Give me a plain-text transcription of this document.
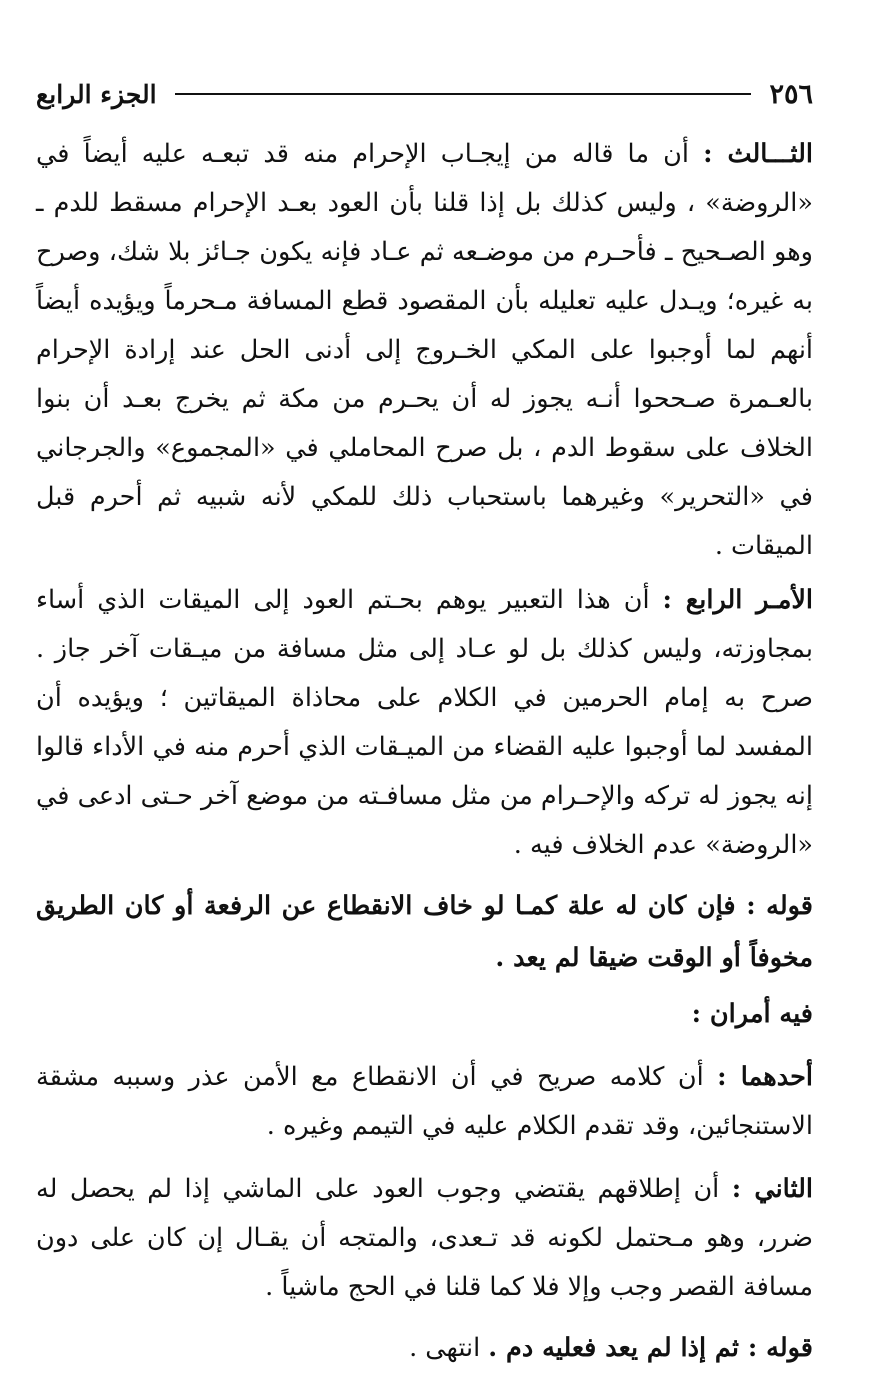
٢٥٦
الجزء الرابع

الثـــالث : أن ما قاله من إيجـاب الإحرام منه قد تبعـه عليه أيضاً في «الروضة» ، وليس كذلك بل إذا قلنا بأن العود بعـد الإحرام مسقط للدم ـ وهو الصـحيح ـ فأحـرم من موضـعه ثم عـاد فإنه يكون جـائز بلا شك، وصرح به غيره؛ ويـدل عليه تعليله بأن المقصود قطع المسافة مـحرماً ويؤيده أيضاً أنهم لما أوجبوا على المكي الخـروج إلى أدنى الحل عند إرادة الإحرام بالعـمرة صـححوا أنـه يجوز له أن يحـرم من مكة ثم يخرج بعـد أن بنوا الخلاف على سقوط الدم ، بل صرح المحاملي في «المجموع» والجرجاني في «التحرير» وغيرهما باستحباب ذلك للمكي لأنه شبيه ثم أحرم قبل الميقات .

الأمـر الرابع : أن هذا التعبير يوهم بحـتم العود إلى الميقات الذي أساء بمجاوزته، وليس كذلك بل لو عـاد إلى مثل مسافة من ميـقات آخر جاز . صرح به إمام الحرمين في الكلام على محاذاة الميقاتين ؛ ويؤيده أن المفسد لما أوجبوا عليه القضاء من الميـقات الذي أحرم منه في الأداء قالوا إنه يجوز له تركه والإحـرام من مثل مسافـته من موضع آخر حـتى ادعى في «الروضة» عدم الخلاف فيه .

قوله : فإن كان له علة كمـا لو خاف الانقطاع عن الرفعة أو كان الطريق مخوفاً أو الوقت ضيقا لم يعد .

فيه أمران :

أحدهما : أن كلامه صريح في أن الانقطاع مع الأمن عذر وسببه مشقة الاستنجائين، وقد تقدم الكلام عليه في التيمم وغيره .

الثاني : أن إطلاقهم يقتضي وجوب العود على الماشي إذا لم يحصل له ضرر، وهو مـحتمل لكونه قد تـعدى، والمتجه أن يقـال إن كان على دون مسافة القصر وجب وإلا فلا كما قلنا في الحج ماشياً .

قوله : ثم إذا لم يعد فعليه دم . انتهى .
